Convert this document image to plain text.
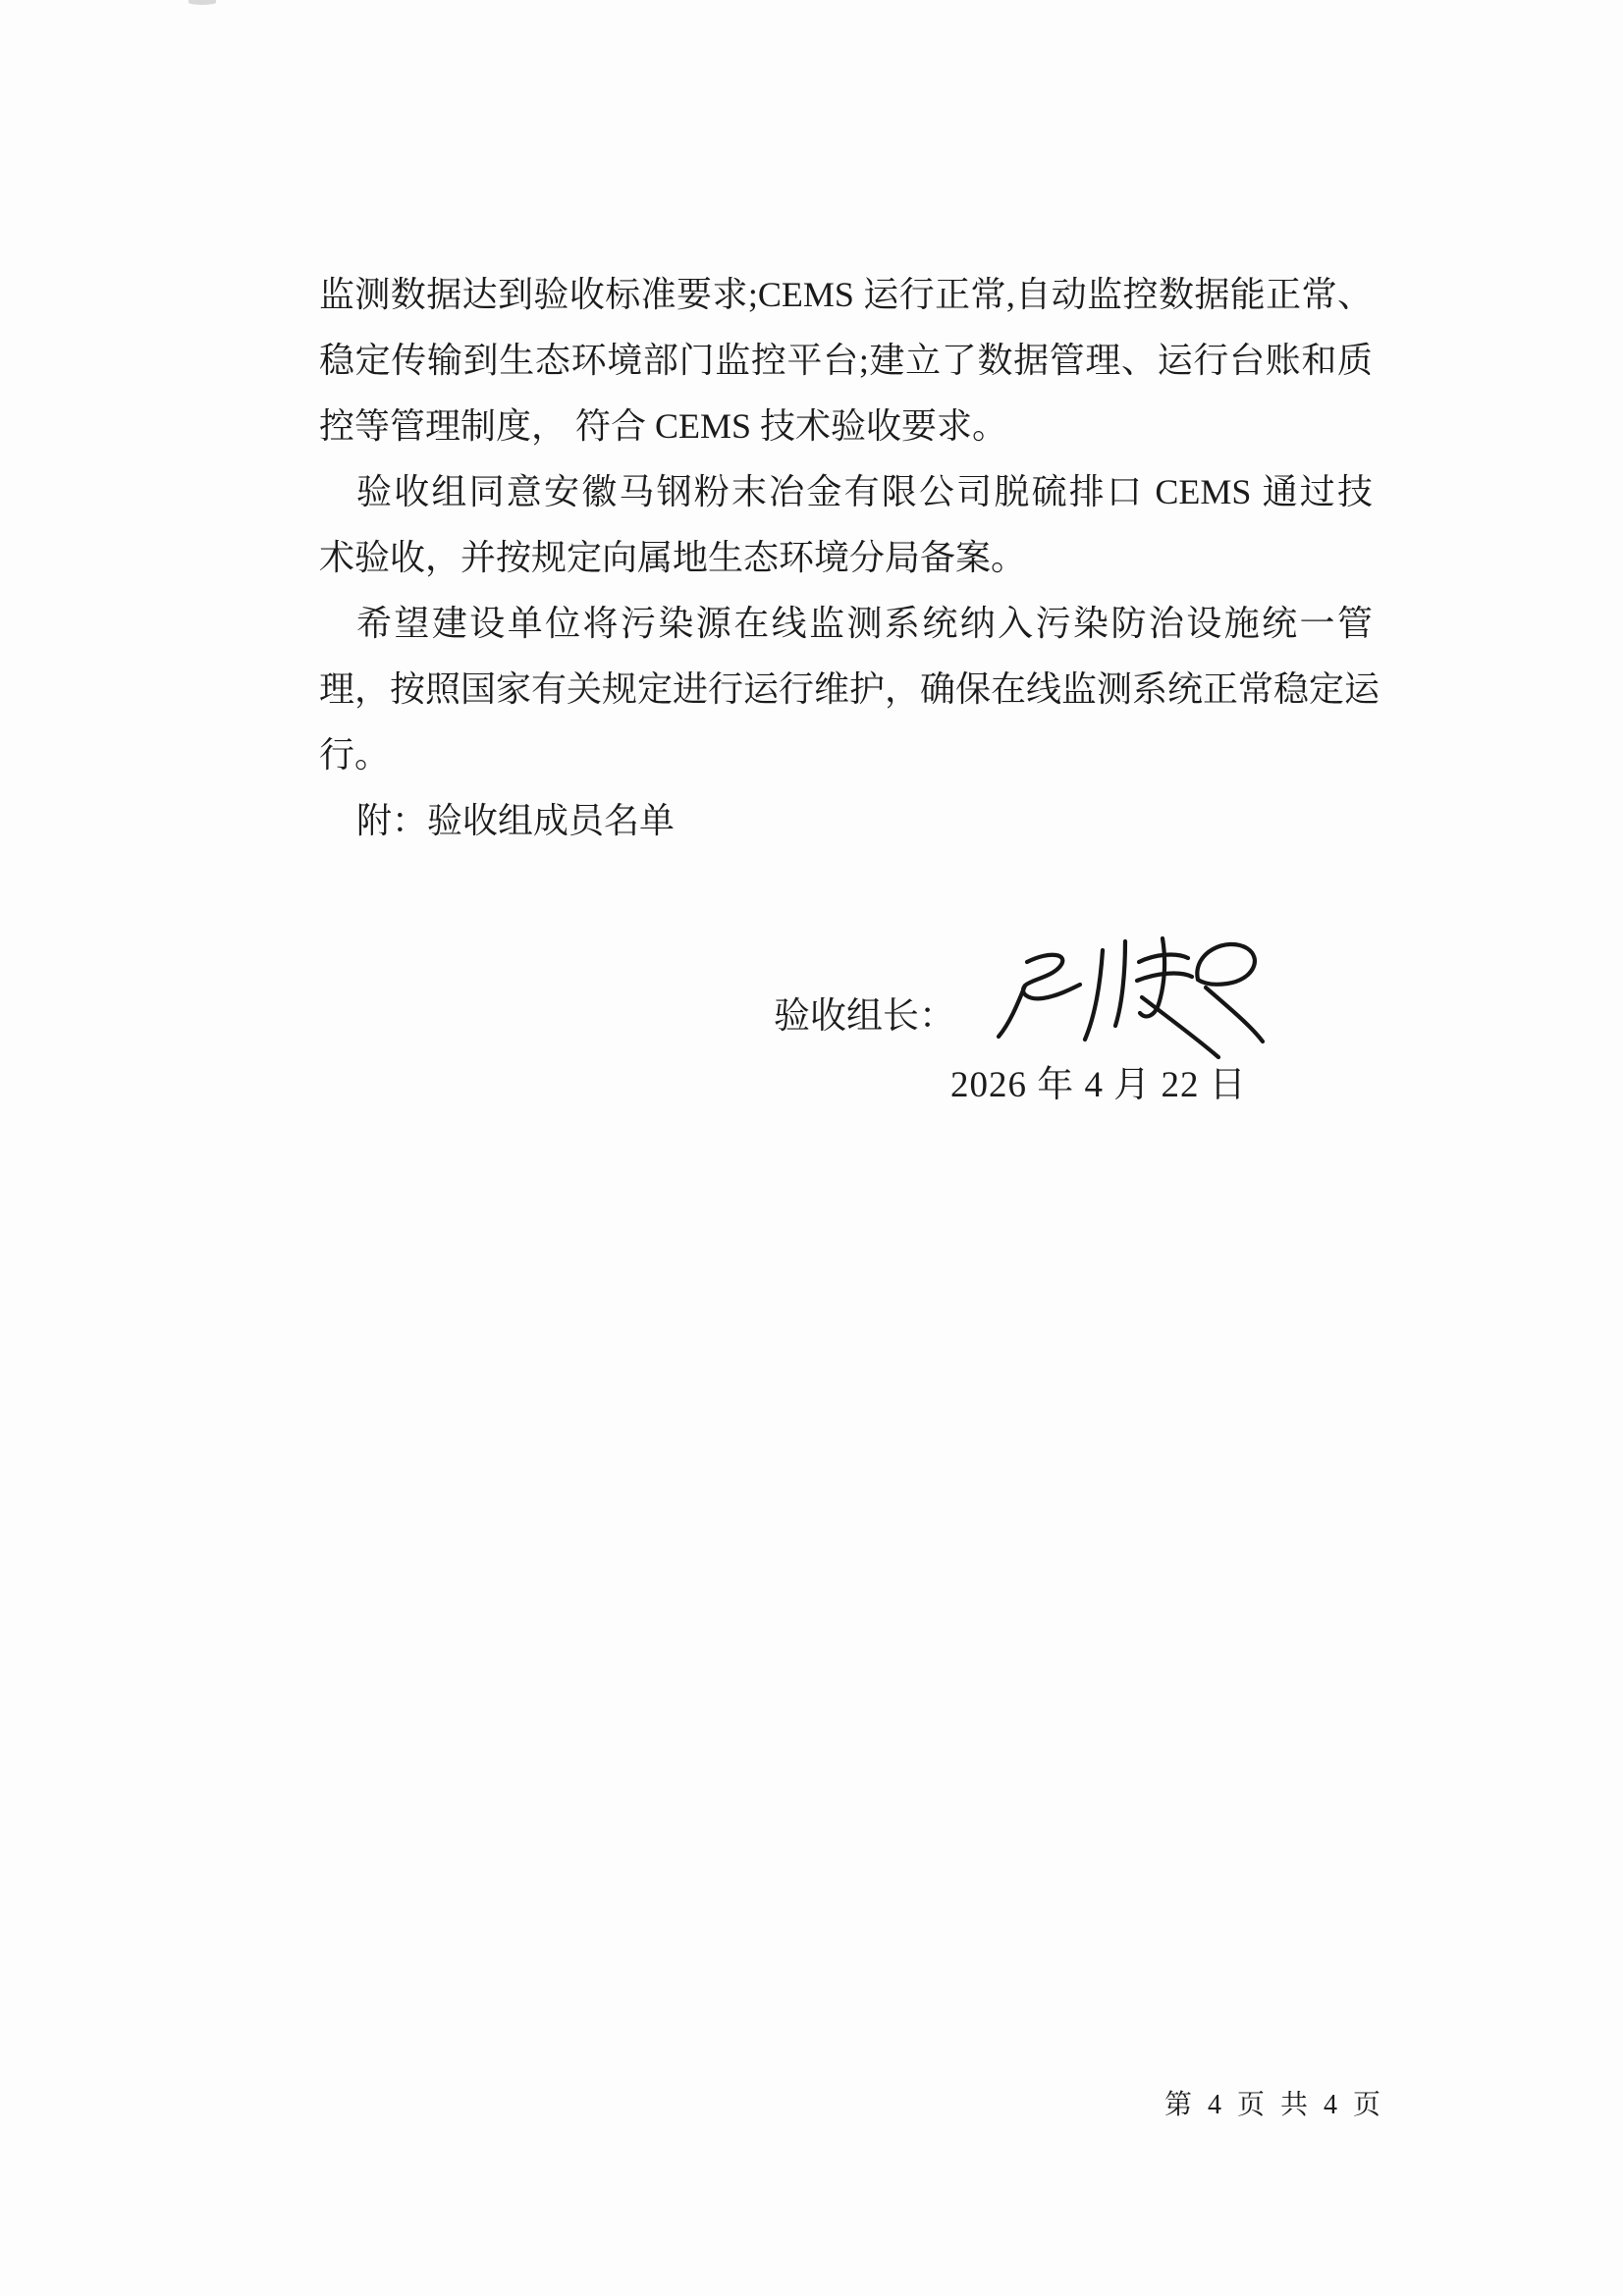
监测数据达到验收标准要求;CEMS 运行正常,自动监控数据能正常、
稳定传输到生态环境部门监控平台;建立了数据管理、运行台账和质
控等管理制度， 符合 CEMS 技术验收要求。
验收组同意安徽马钢粉末冶金有限公司脱硫排口 CEMS 通过技
术验收，并按规定向属地生态环境分局备案。
希望建设单位将污染源在线监测系统纳入污染防治设施统一管
理，按照国家有关规定进行运行维护，确保在线监测系统正常稳定运
行。
附：验收组成员名单
验收组长：
2026 年 4 月 22 日
第 4 页 共 4 页
